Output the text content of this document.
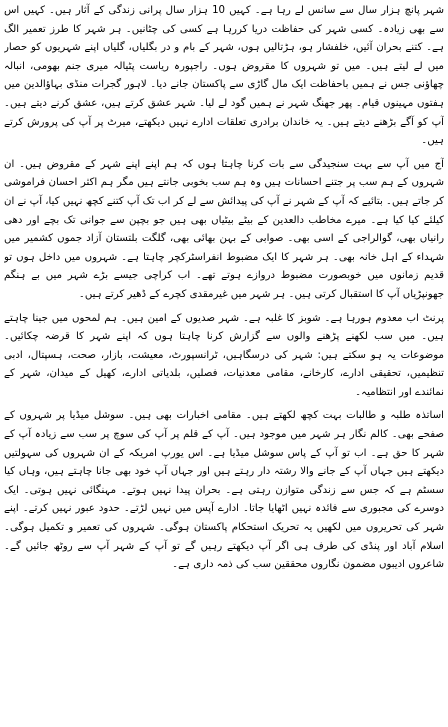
شہر پانچ ہزار سال سے سانس لے رہا ہے۔ کہیں 10 ہزار سال پرانی زندگی کے آثار ہیں۔ کہیں اس سے بھی زیادہ۔ کسی شہر کی حفاظت دریا کررہا ہے کسی کی چٹانیں۔ ہر شہر کا طرز تعمیر الگ ہے۔ کتنے بحران آئیں، خلفشار ہو، ہڑتالیں ہوں، شہر کے بام و در بگلیاں، گلیاں اپنے شہریوں کو حصار میں لے لیتے ہیں۔ میں تو شہروں کا مقروض ہوں۔ راجپورہ ریاست پٹیالہ میری جنم بھومی، انبالہ چھاؤنی جس نے ہمیں باحفاظت ایک مال گاڑی سے پاکستان جانے دیا۔ لاہور گجرات منڈی بہاؤالدین میں ہفتوں مہینوں قیام۔ پھر جھنگ شہر نے ہمیں گود لے لیا۔ شہر عشق کرتے ہیں، عشق کرنے دیتے ہیں۔ آپ کو آگے بڑھنے دیتے ہیں۔ یہ خاندان برادری تعلقات ادارے نہیں دیکھتے، میرٹ پر آپ کی پرورش کرتے ہیں۔

آج میں آپ سے بہت سنجیدگی سے بات کرنا چاہتا ہوں کہ ہم اپنے اپنے شہر کے مقروض ہیں۔ ان شہروں کے ہم سب پر جتنے احسانات ہیں وہ ہم سب بخوبی جانتے ہیں مگر ہم اکثر احسان فراموشی کر جاتے ہیں۔ بتائیے کہ آپ کے شہر نے آپ کی پیدائش سے لے کر اب تک آپ کتنے کچھ نہیں کیا، آپ نے ان کیلئے کیا کیا ہے۔ میرے مخاطب دالعدین کے بیٹے بیٹیاں بھی ہیں جو بچپن سے جوانی تک بچے اور دھی رانیاں بھی، گوالراجی کے اسی بھی۔ صوابی کے بہن بھائی بھی، گلگت بلتستان آزاد جموں کشمیر میں شہداء کے اہل خانہ بھی۔ ہر شہر کا ایک مضبوط انفراسٹرکچر چاہتا ہے۔ شہروں میں داخل ہوں تو قدیم زمانوں میں خوبصورت مضبوط دروازے ہوتے تھے۔ اب کراچی جیسے بڑے شہر میں بے ہنگم جھونپڑیاں آپ کا استقبال کرتی ہیں۔ ہر شہر میں غیرمقدی کچرے کے ڈھیر کرتے ہیں۔

پرنٹ اب معدوم ہورہا ہے۔ شوبز کا غلبہ ہے۔ شہر صدیوں کے امین ہیں۔ ہم لمحوں میں جینا چاہتے ہیں۔ میں سب لکھنے پڑھنے والوں سے گزارش کرنا چاہتا ہوں کہ اپنے شہر کا قرضہ چکائیں۔ موضوعات یہ ہو سکتے ہیں: شہر کی درسگاہیں، ٹرانسپورٹ، معیشت، بازار، صحت، ہسپتال، ادبی تنظیمیں، تحقیقی ادارے، کارخانے، مقامی معدنیات، فصلیں، بلدیاتی ادارے، کھیل کے میدان، شہر کے نمائندے اور انتظامیہ۔

اساتذہ طلبہ و طالبات بہت کچھ لکھتے ہیں۔ مقامی اخبارات بھی ہیں۔ سوشل میڈیا پر شہروں کے صفحے بھی۔ کالم نگار ہر شہر میں موجود ہیں۔ آپ کے قلم پر آپ کی سوچ پر سب سے زیادہ آپ کے شہر کا حق ہے۔ اب تو آپ کے پاس سوشل میڈیا ہے۔ اس یورپ امریکہ کے ان شہروں کی سہولتیں دیکھتے ہیں جہاں آپ کے جانے والا رشتہ دار رہتے ہیں اور جہاں آپ خود بھی جانا چاہتے ہیں، وہاں کیا سسٹم ہے کہ جس سے زندگی متوازن رہتی ہے۔ بحران پیدا نہیں ہوتے۔ مہنگائی نہیں ہوتی۔ ایک دوسرے کی مجبوری سے فائدہ نہیں اٹھایا جاتا۔ ادارے آپس میں نہیں لڑتے۔ حدود عبور نہیں کرتے۔ اپنے شہر کی تحریروں میں لکھیں یہ تحریک استحکام پاکستان ہوگی۔ شہروں کی تعمیر و تکمیل ہوگی۔ اسلام آباد اور پنڈی کی طرف ہی اگر آپ دیکھتے رہیں گے تو آپ کے شہر آپ سے روٹھ جائیں گے۔ شاعروں ادیبوں مضمون نگاروں محققین سب کی ذمہ داری ہے۔
